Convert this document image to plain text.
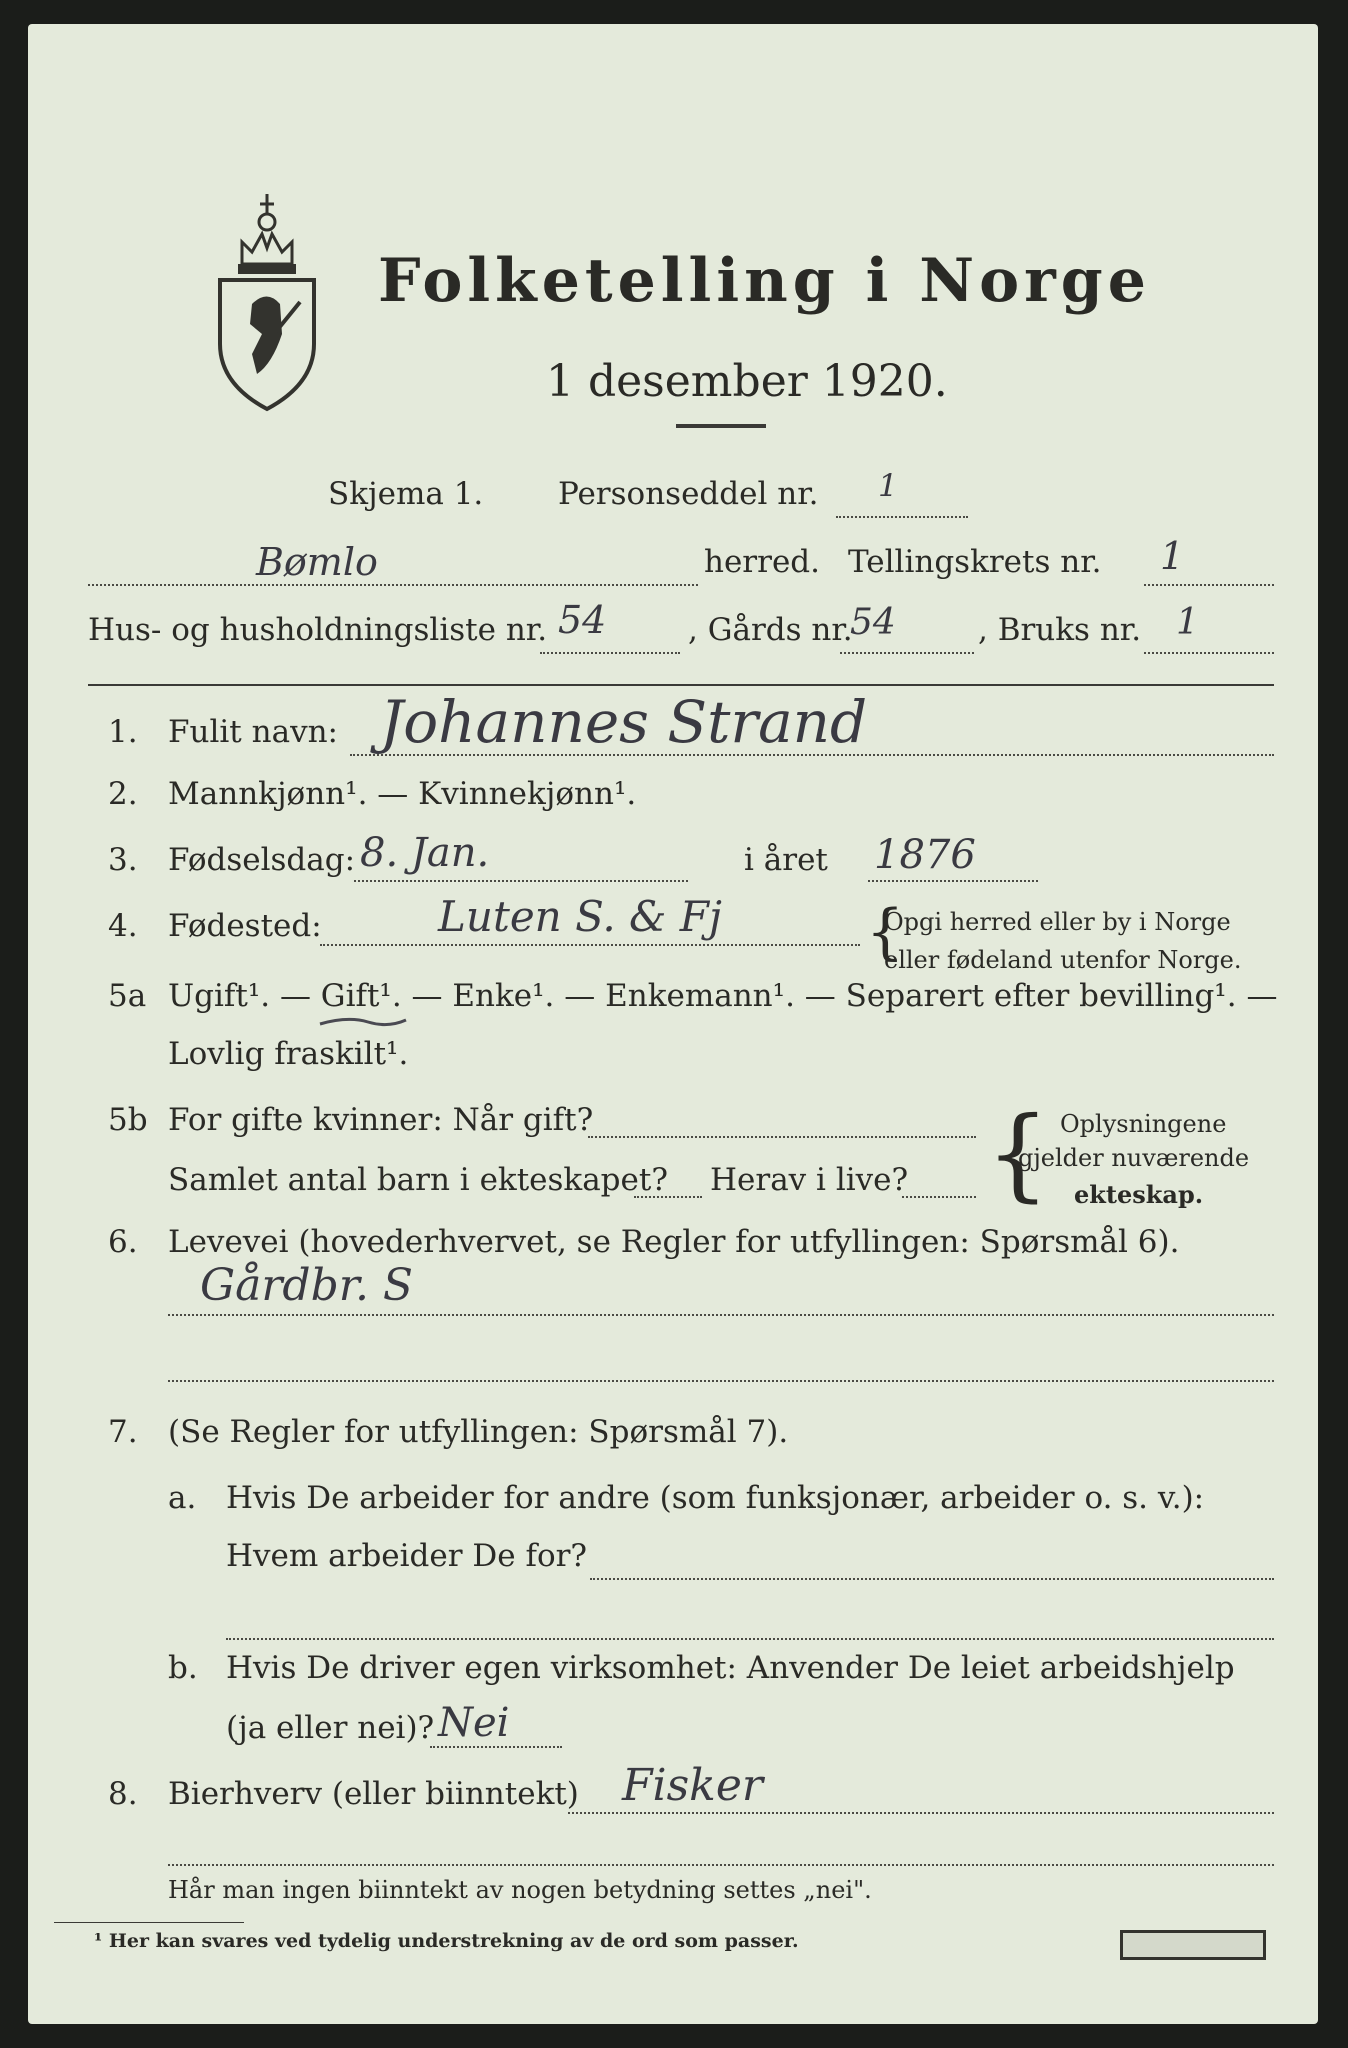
Folketelling i Norge
1 desember 1920.
Skjema 1. Personseddel nr. 1
Bømlo	herred. Tellingskrets nr. 1
Hus- og husholdningsliste nr. 54	, Gårds nr.
54	, Bruks nr. 1
1. Fulit navn: Johannes Strand
2. Mannkjønn¹. — Kvinnekjønn¹.
3. Fødselsdag: 8. Jan.	i året 1876
4. Fødested:	Luten S. & Fj {
Opgi herred eller by i Norge
eller fødeland utenfor Norge.
5a Ugift¹. — Gift¹. — Enke¹. — Enkemann¹. — Separert efter bevilling¹. —
Lovlig fraskilt¹.
5b For gifte kvinner: Når gift?
Samlet antal barn i ekteskapet? Herav i live? { Oplysningene
gjelder nuværende
ekteskap.
6. Levevei (hovederhvervet, se Regler for utfyllingen: Spørsmål 6).
Gårdbr. S
7. (Se Regler for utfyllingen: Spørsmål 7).
a. Hvis De arbeider for andre (som funksjonær, arbeider o. s. v.):
Hvem arbeider De for?
b. Hvis De driver egen virksomhet: Anvender De leiet arbeidshjelp
(ja eller nei)? Nei
8. Bierhverv (eller biinntekt) Fisker
Hår man ingen biinntekt av nogen betydning settes „nei".
¹ Her kan svares ved tydelig understrekning av de ord som passer.
